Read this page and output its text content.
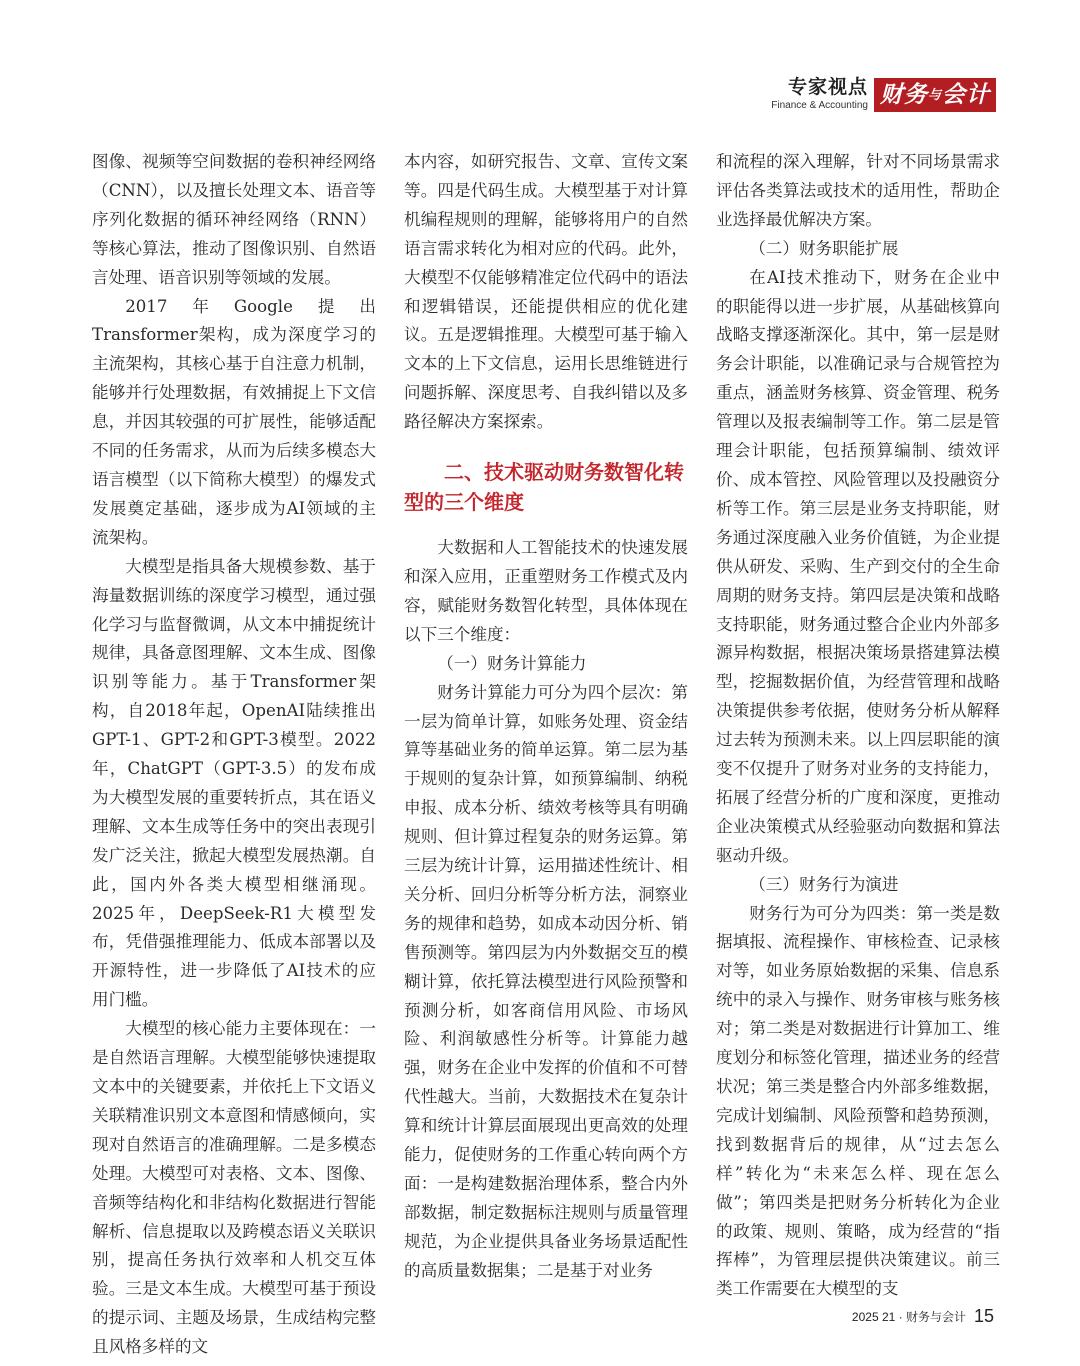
专家视点
Finance & Accounting 财务与会计

图像、视频等空间数据的卷积神经网络（CNN），以及擅长处理文本、语音等序列化数据的循环神经网络（RNN）等核心算法，推动了图像识别、自然语言处理、语音识别等领域的发展。

2017年Google提出Transformer架构，成为深度学习的主流架构，其核心基于自注意力机制，能够并行处理数据，有效捕捉上下文信息，并因其较强的可扩展性，能够适配不同的任务需求，从而为后续多模态大语言模型（以下简称大模型）的爆发式发展奠定基础，逐步成为AI领域的主流架构。

大模型是指具备大规模参数、基于海量数据训练的深度学习模型，通过强化学习与监督微调，从文本中捕捉统计规律，具备意图理解、文本生成、图像识别等能力。基于Transformer架构，自2018年起，OpenAI陆续推出GPT-1、GPT-2和GPT-3模型。2022年，ChatGPT（GPT-3.5）的发布成为大模型发展的重要转折点，其在语义理解、文本生成等任务中的突出表现引发广泛关注，掀起大模型发展热潮。自此，国内外各类大模型相继涌现。2025年，DeepSeek-R1大模型发布，凭借强推理能力、低成本部署以及开源特性，进一步降低了AI技术的应用门槛。

大模型的核心能力主要体现在：一是自然语言理解。大模型能够快速提取文本中的关键要素，并依托上下文语义关联精准识别文本意图和情感倾向，实现对自然语言的准确理解。二是多模态处理。大模型可对表格、文本、图像、音频等结构化和非结构化数据进行智能解析、信息提取以及跨模态语义关联识别，提高任务执行效率和人机交互体验。三是文本生成。大模型可基于预设的提示词、主题及场景，生成结构完整且风格多样的文

本内容，如研究报告、文章、宣传文案等。四是代码生成。大模型基于对计算机编程规则的理解，能够将用户的自然语言需求转化为相对应的代码。此外，大模型不仅能够精准定位代码中的语法和逻辑错误，还能提供相应的优化建议。五是逻辑推理。大模型可基于输入文本的上下文信息，运用长思维链进行问题拆解、深度思考、自我纠错以及多路径解决方案探索。

二、技术驱动财务数智化转型的三个维度

大数据和人工智能技术的快速发展和深入应用，正重塑财务工作模式及内容，赋能财务数智化转型，具体体现在以下三个维度：

（一）财务计算能力

财务计算能力可分为四个层次：第一层为简单计算，如账务处理、资金结算等基础业务的简单运算。第二层为基于规则的复杂计算，如预算编制、纳税申报、成本分析、绩效考核等具有明确规则、但计算过程复杂的财务运算。第三层为统计计算，运用描述性统计、相关分析、回归分析等分析方法，洞察业务的规律和趋势，如成本动因分析、销售预测等。第四层为内外数据交互的模糊计算，依托算法模型进行风险预警和预测分析，如客商信用风险、市场风险、利润敏感性分析等。计算能力越强，财务在企业中发挥的价值和不可替代性越大。当前，大数据技术在复杂计算和统计计算层面展现出更高效的处理能力，促使财务的工作重心转向两个方面：一是构建数据治理体系，整合内外部数据，制定数据标注规则与质量管理规范，为企业提供具备业务场景适配性的高质量数据集；二是基于对业务

和流程的深入理解，针对不同场景需求评估各类算法或技术的适用性，帮助企业选择最优解决方案。

（二）财务职能扩展

在AI技术推动下，财务在企业中的职能得以进一步扩展，从基础核算向战略支撑逐渐深化。其中，第一层是财务会计职能，以准确记录与合规管控为重点，涵盖财务核算、资金管理、税务管理以及报表编制等工作。第二层是管理会计职能，包括预算编制、绩效评价、成本管控、风险管理以及投融资分析等工作。第三层是业务支持职能，财务通过深度融入业务价值链，为企业提供从研发、采购、生产到交付的全生命周期的财务支持。第四层是决策和战略支持职能，财务通过整合企业内外部多源异构数据，根据决策场景搭建算法模型，挖掘数据价值，为经营管理和战略决策提供参考依据，使财务分析从解释过去转为预测未来。以上四层职能的演变不仅提升了财务对业务的支持能力，拓展了经营分析的广度和深度，更推动企业决策模式从经验驱动向数据和算法驱动升级。

（三）财务行为演进

财务行为可分为四类：第一类是数据填报、流程操作、审核检查、记录核对等，如业务原始数据的采集、信息系统中的录入与操作、财务审核与账务核对；第二类是对数据进行计算加工、维度划分和标签化管理，描述业务的经营状况；第三类是整合内外部多维数据，完成计划编制、风险预警和趋势预测，找到数据背后的规律，从“过去怎么样”转化为“未来怎么样、现在怎么做”；第四类是把财务分析转化为企业的政策、规则、策略，成为经营的“指挥棒”，为管理层提供决策建议。前三类工作需要在大模型的支

2025 21 · 财务与会计 15
